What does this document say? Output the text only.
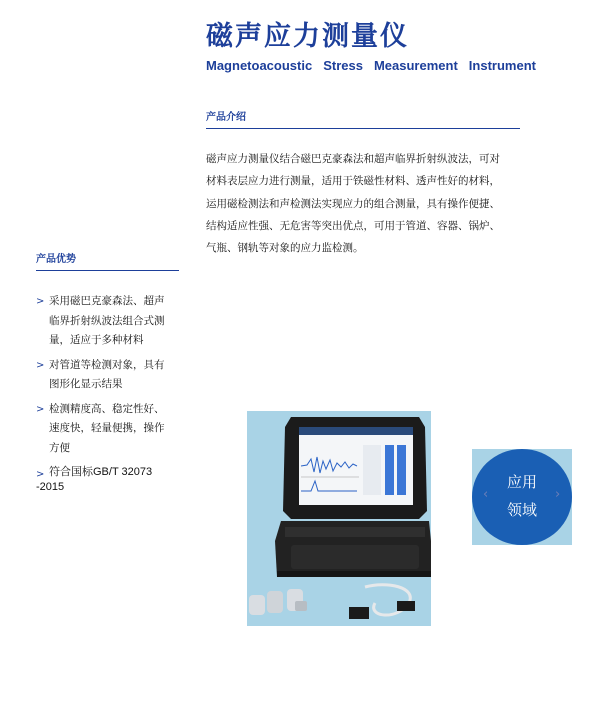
磁声应力测量仪
Magnetoacoustic Stress Measurement Instrument
产品介绍
磁声应力测量仪结合磁巴克豪森法和超声临界折射纵波法，可对
材料表层应力进行测量，适用于铁磁性材料、透声性好的材料，
运用磁检测法和声检测法实现应力的组合测量，具有操作便捷、
结构适应性强、无危害等突出优点，可用于管道、容器、锅炉、
气瓶、钢轨等对象的应力监检测。
产品优势
> 采用磁巴克豪森法、超声
临界折射纵波法组合式测
量，适应于多种材料
> 对管道等检测对象，具有
图形化显示结果
> 检测精度高、稳定性好、
速度快，轻量便携，操作
方便
> 符合国标GB/T 32073
-2015	‹	›
应用
领域
